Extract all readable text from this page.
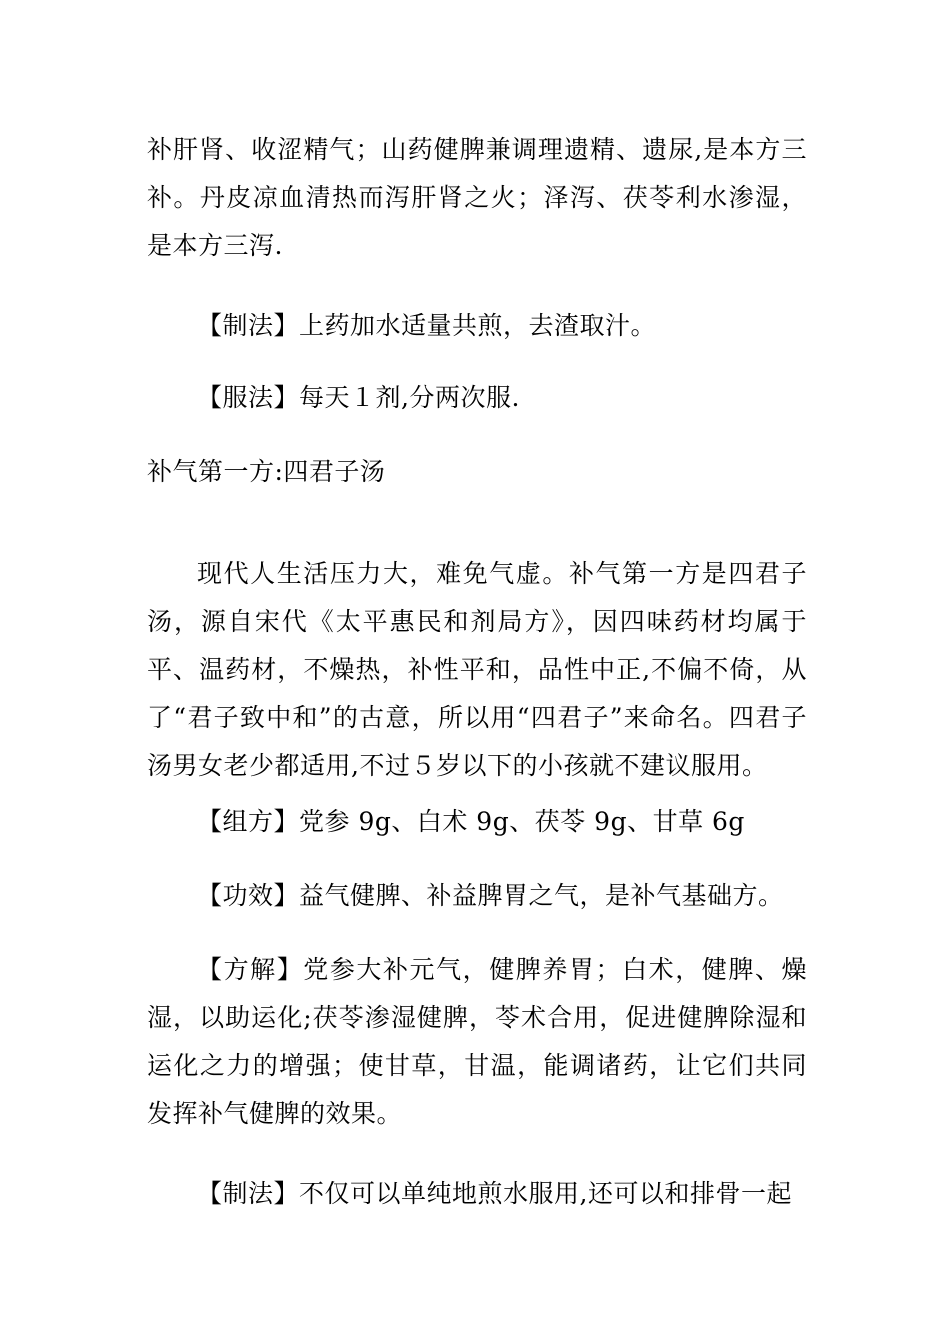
补肝肾、收涩精气；山药健脾兼调理遗精、遗尿,是本方三补。丹皮凉血清热而泻肝肾之火；泽泻、茯苓利水渗湿，是本方三泻.

【制法】上药加水适量共煎，去渣取汁。

【服法】每天１剂,分两次服.

补气第一方:四君子汤

现代人生活压力大，难免气虚。补气第一方是四君子汤，源自宋代《太平惠民和剂局方》，因四味药材均属于平、温药材，不燥热，补性平和，品性中正,不偏不倚，从了“君子致中和”的古意，所以用“四君子”来命名。四君子汤男女老少都适用,不过５岁以下的小孩就不建议服用。

【组方】党参 9g、白术 9g、茯苓 9g、甘草 6g

【功效】益气健脾、补益脾胃之气，是补气基础方。

【方解】党参大补元气，健脾养胃；白术，健脾、燥湿，以助运化;茯苓渗湿健脾，苓术合用，促进健脾除湿和运化之力的增强；使甘草，甘温，能调诸药，让它们共同发挥补气健脾的效果。

【制法】不仅可以单纯地煎水服用,还可以和排骨一起
